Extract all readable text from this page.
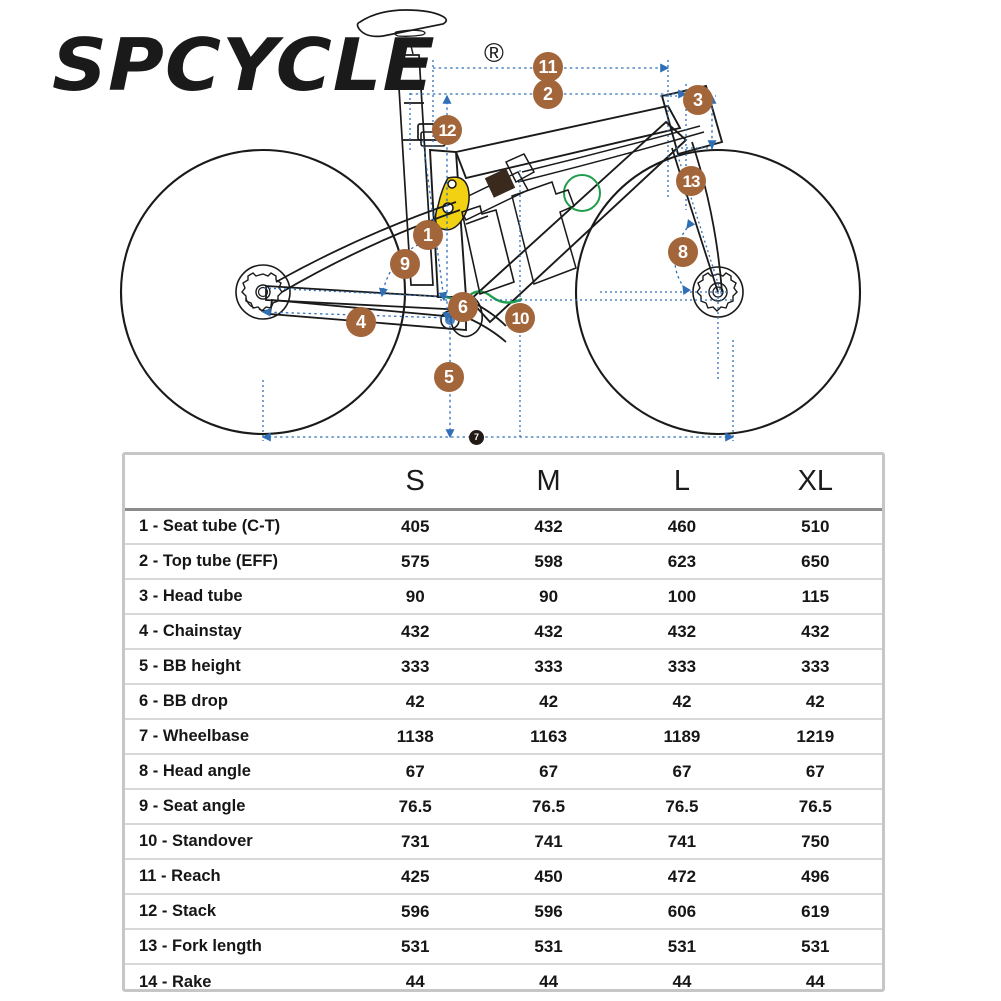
11
2	3
12
13
1
9
8
6
10
4
5
7
SPCYCLE	®
	S	M	L	XL
1 - Seat tube (C-T)	405	432	460	510
2 - Top tube (EFF)	575	598	623	650
3 - Head tube	90	90	100	115
4 - Chainstay	432	432	432	432
5 - BB height	333	333	333	333
6 - BB drop	42	42	42	42
7 - Wheelbase	1138	1163	1189	1219
8 - Head angle	67	67	67	67
9 - Seat angle	76.5	76.5	76.5	76.5
10 - Standover	731	741	741	750
11 - Reach	425	450	472	496
12 - Stack	596	596	606	619
13 - Fork length	531	531	531	531
14 - Rake	44	44	44	44
